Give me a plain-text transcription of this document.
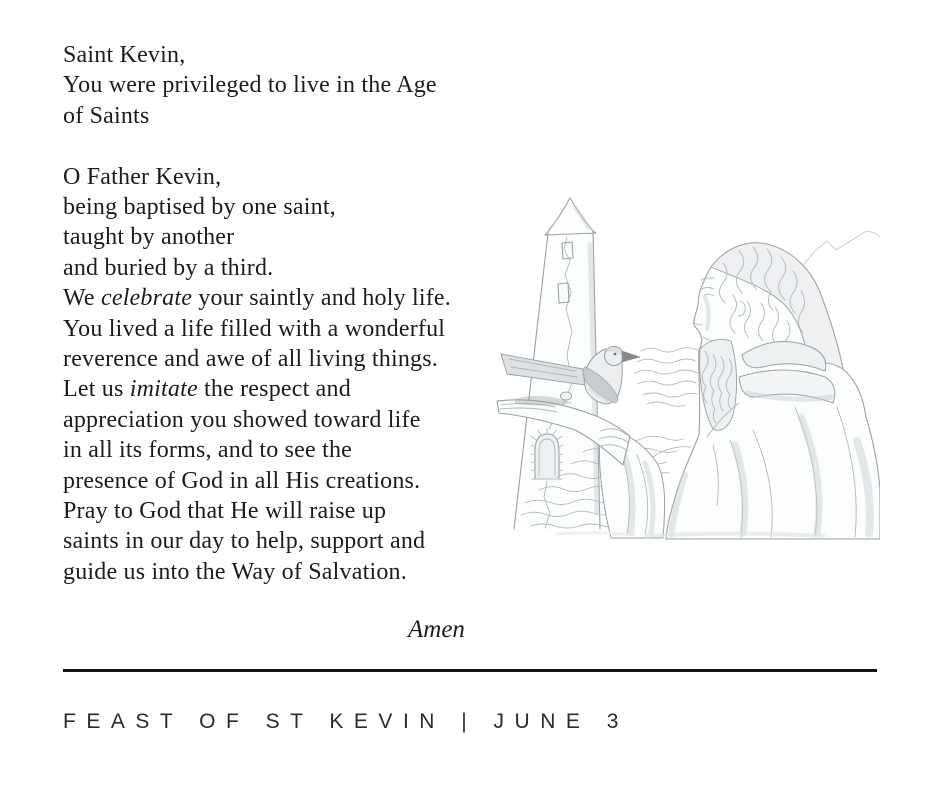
Saint Kevin,
You were privileged to live in the Age
of Saints
O Father Kevin,
being baptised by one saint,
taught by another
and buried by a third.
We celebrate your saintly and holy life.
You lived a life filled with a wonderful
reverence and awe of all living things.
Let us imitate the respect and
appreciation you showed toward life
in all its forms, and to see the
presence of God in all His creations.
Pray to God that He will raise up
saints in our day to help, support and
guide us into the Way of Salvation.
Amen
FEAST OF ST KEVIN | JUNE 3
